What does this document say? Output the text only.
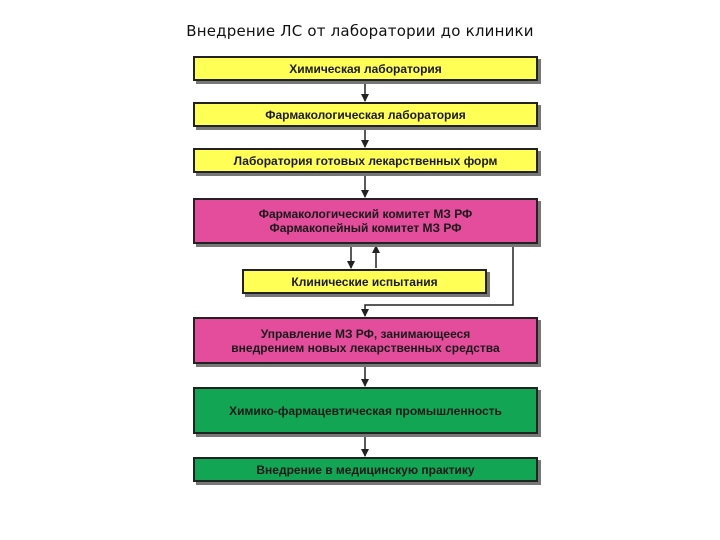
Внедрение ЛС от лаборатории до клиники
Химическая лаборатория
Фармакологическая лаборатория
Лаборатория готовых лекарственных форм
Фармакологический комитет МЗ РФ
Фармакопейный комитет МЗ РФ
Клинические испытания
Управление МЗ РФ, занимающееся
внедрением новых лекарственных средства
Химико-фармацевтическая промышленность
Внедрение в медицинскую практику
